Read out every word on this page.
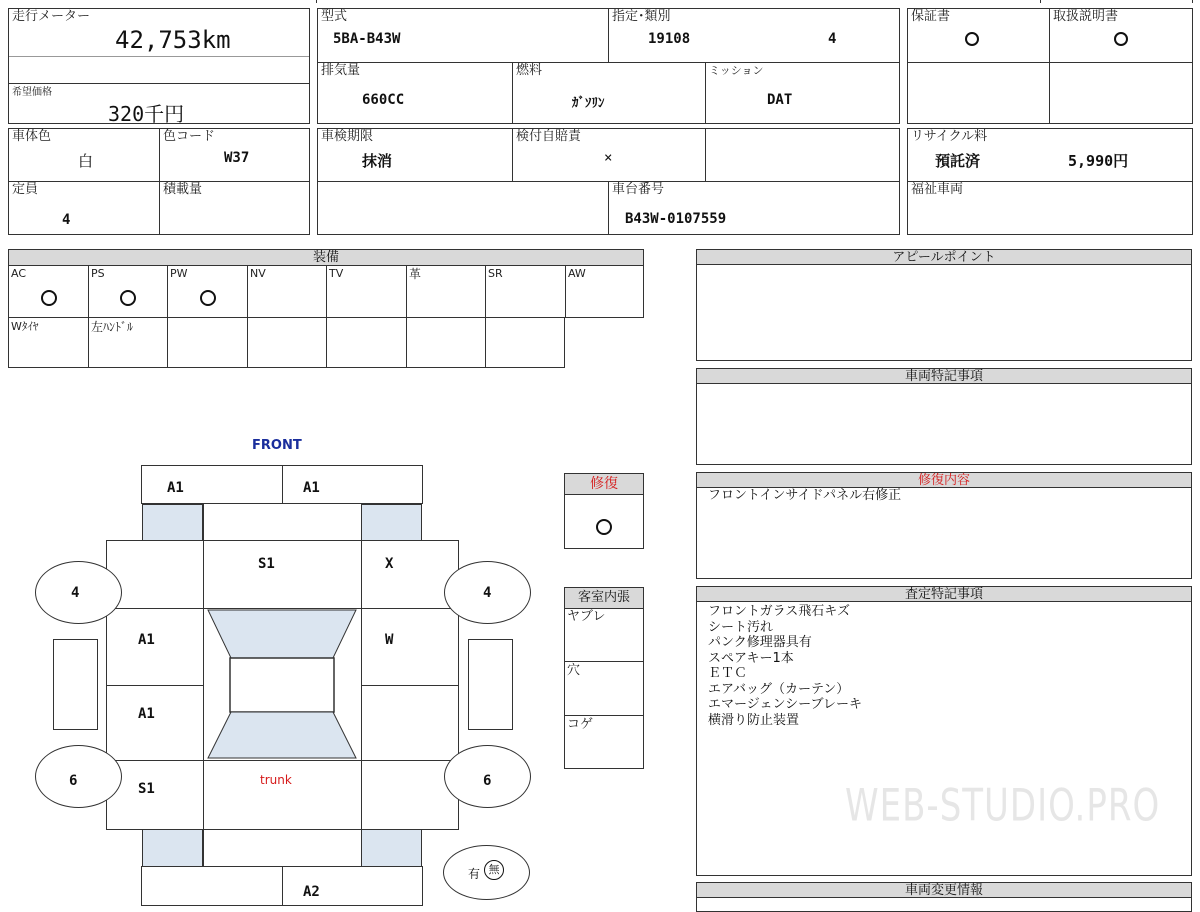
走行メーター
42,753km
希望価格
320千円
型式
5BA-B43W
指定･類別
19108	4
排気量
660CC
燃料
ｶﾞｿﾘﾝ
ミッション
DAT
保証書	取扱説明書
車体色
白
色コード
W37
定員
4
積載量
車検期限
抹消
検付自賠責
×
車台番号
B43W-0107559
リサイクル料
預託済	5,990円
福祉車両
装備
AC	PS	PW	NV	TV	革	SR	AW
Wﾀｲﾔ	左ﾊﾝﾄﾞﾙ
アピールポイント
車両特記事項
修復内容
フロントインサイドパネル右修正
査定特記事項
フロントガラス飛石キズ
シート汚れ
パンク修理器具有
スペアキー1本
ＥＴＣ
エアバッグ（カーテン）
エマージェンシーブレーキ
横滑り防止装置
WEB-STUDIO.PRO
車両変更情報
修復
客室内張
ヤブレ
穴
コゲ
FRONT
A1	A1
S1	X
A1	W
A1
S1
trunk
A2
4	4
6	6
有 無
